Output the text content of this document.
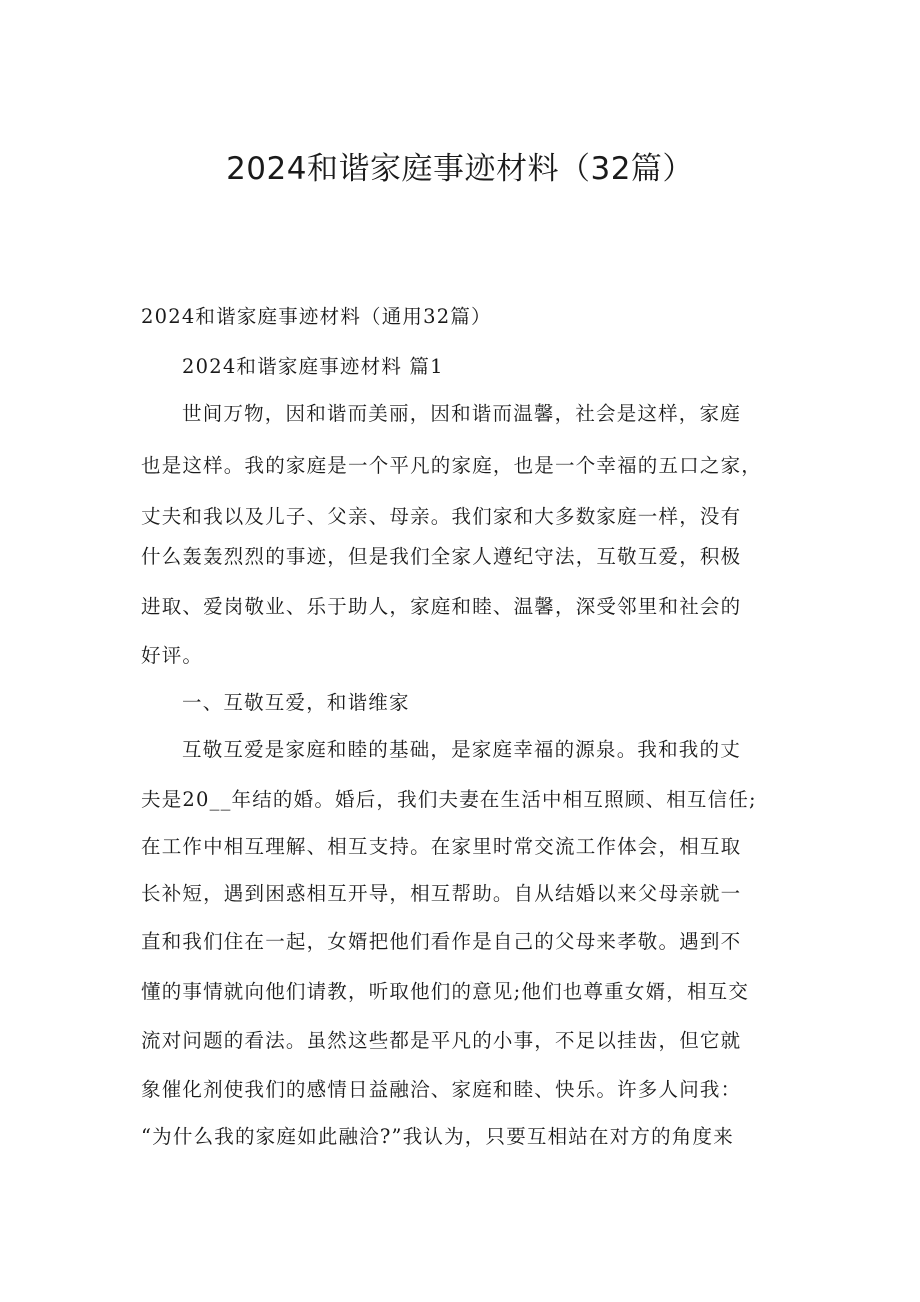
2024和谐家庭事迹材料（32篇）

2024和谐家庭事迹材料（通用32篇）

2024和谐家庭事迹材料 篇1

世间万物，因和谐而美丽，因和谐而温馨，社会是这样，家庭

也是这样。我的家庭是一个平凡的家庭，也是一个幸福的五口之家，

丈夫和我以及儿子、父亲、母亲。我们家和大多数家庭一样，没有

什么轰轰烈烈的事迹，但是我们全家人遵纪守法，互敬互爱，积极

进取、爱岗敬业、乐于助人，家庭和睦、温馨，深受邻里和社会的

好评。

一、互敬互爱，和谐维家

互敬互爱是家庭和睦的基础，是家庭幸福的源泉。我和我的丈

夫是20__年结的婚。婚后，我们夫妻在生活中相互照顾、相互信任;

在工作中相互理解、相互支持。在家里时常交流工作体会，相互取

长补短，遇到困惑相互开导，相互帮助。自从结婚以来父母亲就一

直和我们住在一起，女婿把他们看作是自己的父母来孝敬。遇到不

懂的事情就向他们请教，听取他们的意见;他们也尊重女婿，相互交

流对问题的看法。虽然这些都是平凡的小事，不足以挂齿，但它就

象催化剂使我们的感情日益融洽、家庭和睦、快乐。许多人问我：

“为什么我的家庭如此融洽?”我认为，只要互相站在对方的角度来
